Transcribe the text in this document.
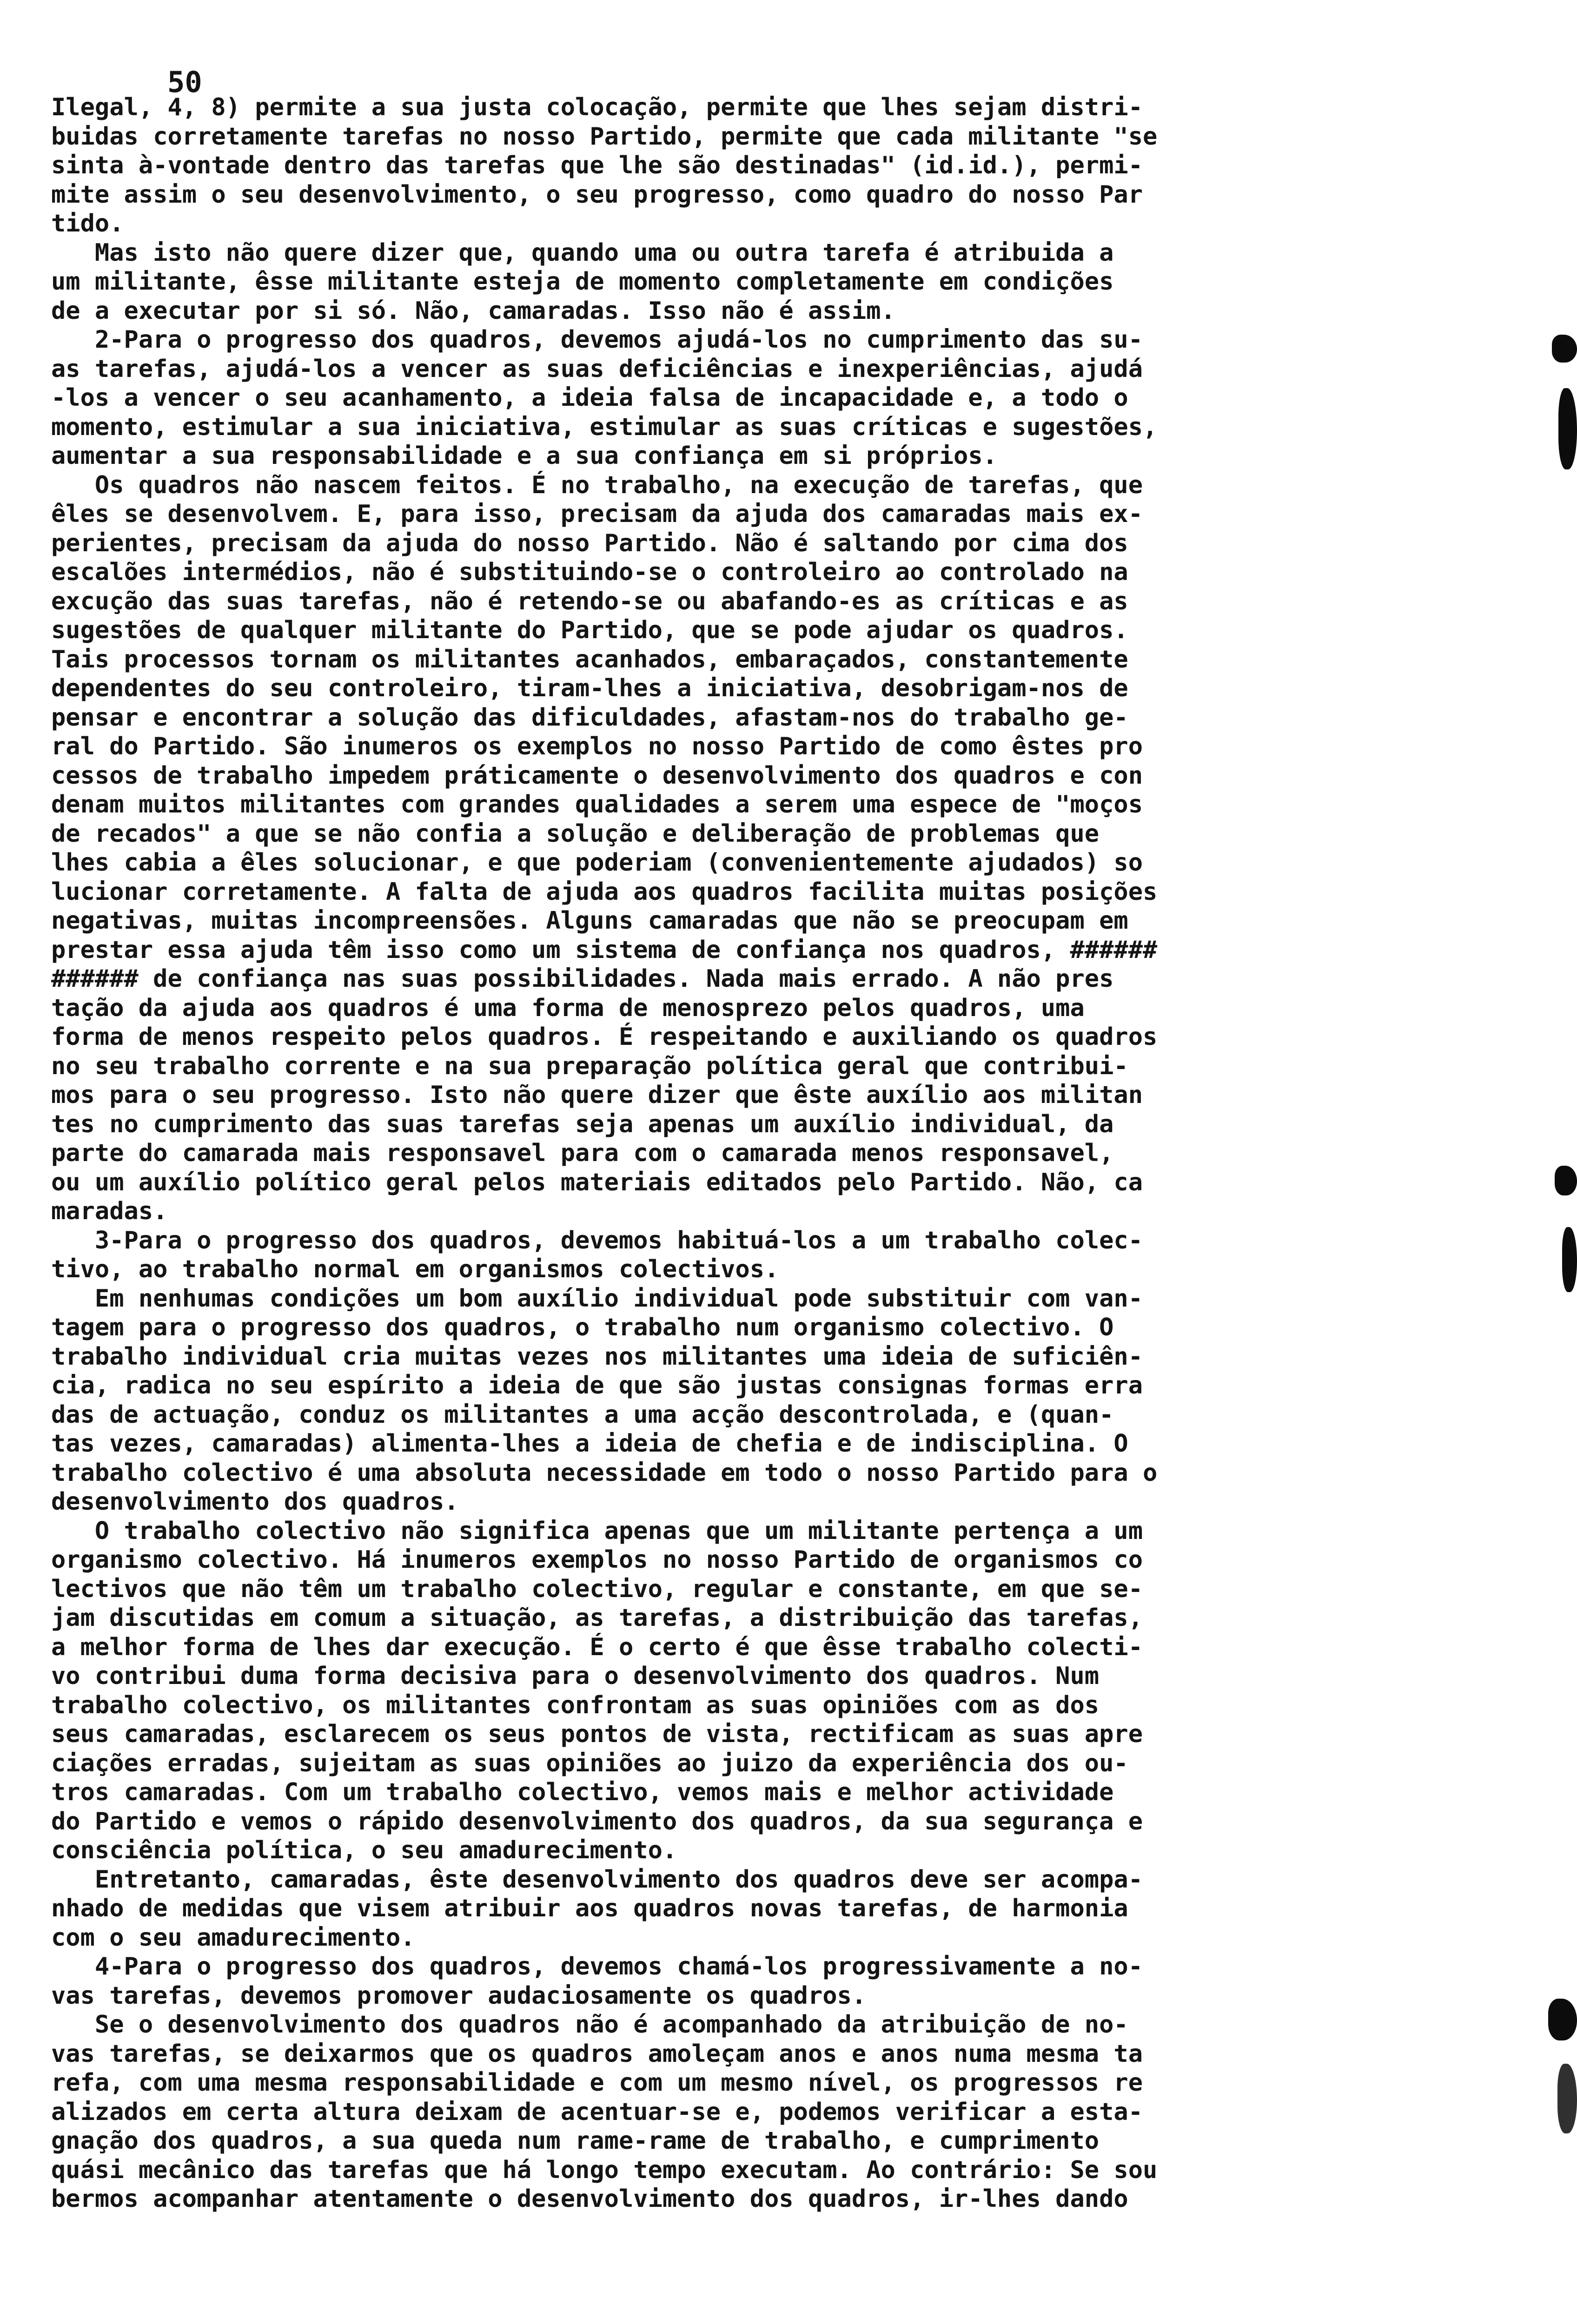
50
Ilegal, 4, 8) permite a sua justa colocação, permite que lhes sejam distri-
buidas corretamente tarefas no nosso Partido, permite que cada militante "se
sinta à-vontade dentro das tarefas que lhe são destinadas" (id.id.), permi-
mite assim o seu desenvolvimento, o seu progresso, como quadro do nosso Par
tido.
Mas isto não quere dizer que, quando uma ou outra tarefa é atribuida a
um militante, êsse militante esteja de momento completamente em condições
de a executar por si só. Não, camaradas. Isso não é assim.
2-Para o progresso dos quadros, devemos ajudá-los no cumprimento das su-
as tarefas, ajudá-los a vencer as suas deficiências e inexperiências, ajudá
-los a vencer o seu acanhamento, a ideia falsa de incapacidade e, a todo o
momento, estimular a sua iniciativa, estimular as suas críticas e sugestões,
aumentar a sua responsabilidade e a sua confiança em si próprios.
Os quadros não nascem feitos. É no trabalho, na execução de tarefas, que
êles se desenvolvem. E, para isso, precisam da ajuda dos camaradas mais ex-
perientes, precisam da ajuda do nosso Partido. Não é saltando por cima dos
escalões intermédios, não é substituindo-se o controleiro ao controlado na
excução das suas tarefas, não é retendo-se ou abafando-es as críticas e as
sugestões de qualquer militante do Partido, que se pode ajudar os quadros.
Tais processos tornam os militantes acanhados, embaraçados, constantemente
dependentes do seu controleiro, tiram-lhes a iniciativa, desobrigam-nos de
pensar e encontrar a solução das dificuldades, afastam-nos do trabalho ge-
ral do Partido. São inumeros os exemplos no nosso Partido de como êstes pro
cessos de trabalho impedem práticamente o desenvolvimento dos quadros e con
denam muitos militantes com grandes qualidades a serem uma espece de "moços
de recados" a que se não confia a solução e deliberação de problemas que
lhes cabia a êles solucionar, e que poderiam (convenientemente ajudados) so
lucionar corretamente. A falta de ajuda aos quadros facilita muitas posições
negativas, muitas incompreensões. Alguns camaradas que não se preocupam em
prestar essa ajuda têm isso como um sistema de confiança nos quadros, ######
###### de confiança nas suas possibilidades. Nada mais errado. A não pres
tação da ajuda aos quadros é uma forma de menosprezo pelos quadros, uma
forma de menos respeito pelos quadros. É respeitando e auxiliando os quadros
no seu trabalho corrente e na sua preparação política geral que contribui-
mos para o seu progresso. Isto não quere dizer que êste auxílio aos militan
tes no cumprimento das suas tarefas seja apenas um auxílio individual, da
parte do camarada mais responsavel para com o camarada menos responsavel,
ou um auxílio político geral pelos materiais editados pelo Partido. Não, ca
maradas.
3-Para o progresso dos quadros, devemos habituá-los a um trabalho colec-
tivo, ao trabalho normal em organismos colectivos.
Em nenhumas condições um bom auxílio individual pode substituir com van-
tagem para o progresso dos quadros, o trabalho num organismo colectivo. O
trabalho individual cria muitas vezes nos militantes uma ideia de suficiên-
cia, radica no seu espírito a ideia de que são justas consignas formas erra
das de actuação, conduz os militantes a uma acção descontrolada, e (quan-
tas vezes, camaradas) alimenta-lhes a ideia de chefia e de indisciplina. O
trabalho colectivo é uma absoluta necessidade em todo o nosso Partido para o
desenvolvimento dos quadros.
O trabalho colectivo não significa apenas que um militante pertença a um
organismo colectivo. Há inumeros exemplos no nosso Partido de organismos co
lectivos que não têm um trabalho colectivo, regular e constante, em que se-
jam discutidas em comum a situação, as tarefas, a distribuição das tarefas,
a melhor forma de lhes dar execução. É o certo é que êsse trabalho colecti-
vo contribui duma forma decisiva para o desenvolvimento dos quadros. Num
trabalho colectivo, os militantes confrontam as suas opiniões com as dos
seus camaradas, esclarecem os seus pontos de vista, rectificam as suas apre
ciações erradas, sujeitam as suas opiniões ao juizo da experiência dos ou-
tros camaradas. Com um trabalho colectivo, vemos mais e melhor actividade
do Partido e vemos o rápido desenvolvimento dos quadros, da sua segurança e
consciência política, o seu amadurecimento.
Entretanto, camaradas, êste desenvolvimento dos quadros deve ser acompa-
nhado de medidas que visem atribuir aos quadros novas tarefas, de harmonia
com o seu amadurecimento.
4-Para o progresso dos quadros, devemos chamá-los progressivamente a no-
vas tarefas, devemos promover audaciosamente os quadros.
Se o desenvolvimento dos quadros não é acompanhado da atribuição de no-
vas tarefas, se deixarmos que os quadros amoleçam anos e anos numa mesma ta
refa, com uma mesma responsabilidade e com um mesmo nível, os progressos re
alizados em certa altura deixam de acentuar-se e, podemos verificar a esta-
gnação dos quadros, a sua queda num rame-rame de trabalho, e cumprimento
quási mecânico das tarefas que há longo tempo executam. Ao contrário: Se sou
bermos acompanhar atentamente o desenvolvimento dos quadros, ir-lhes dando
